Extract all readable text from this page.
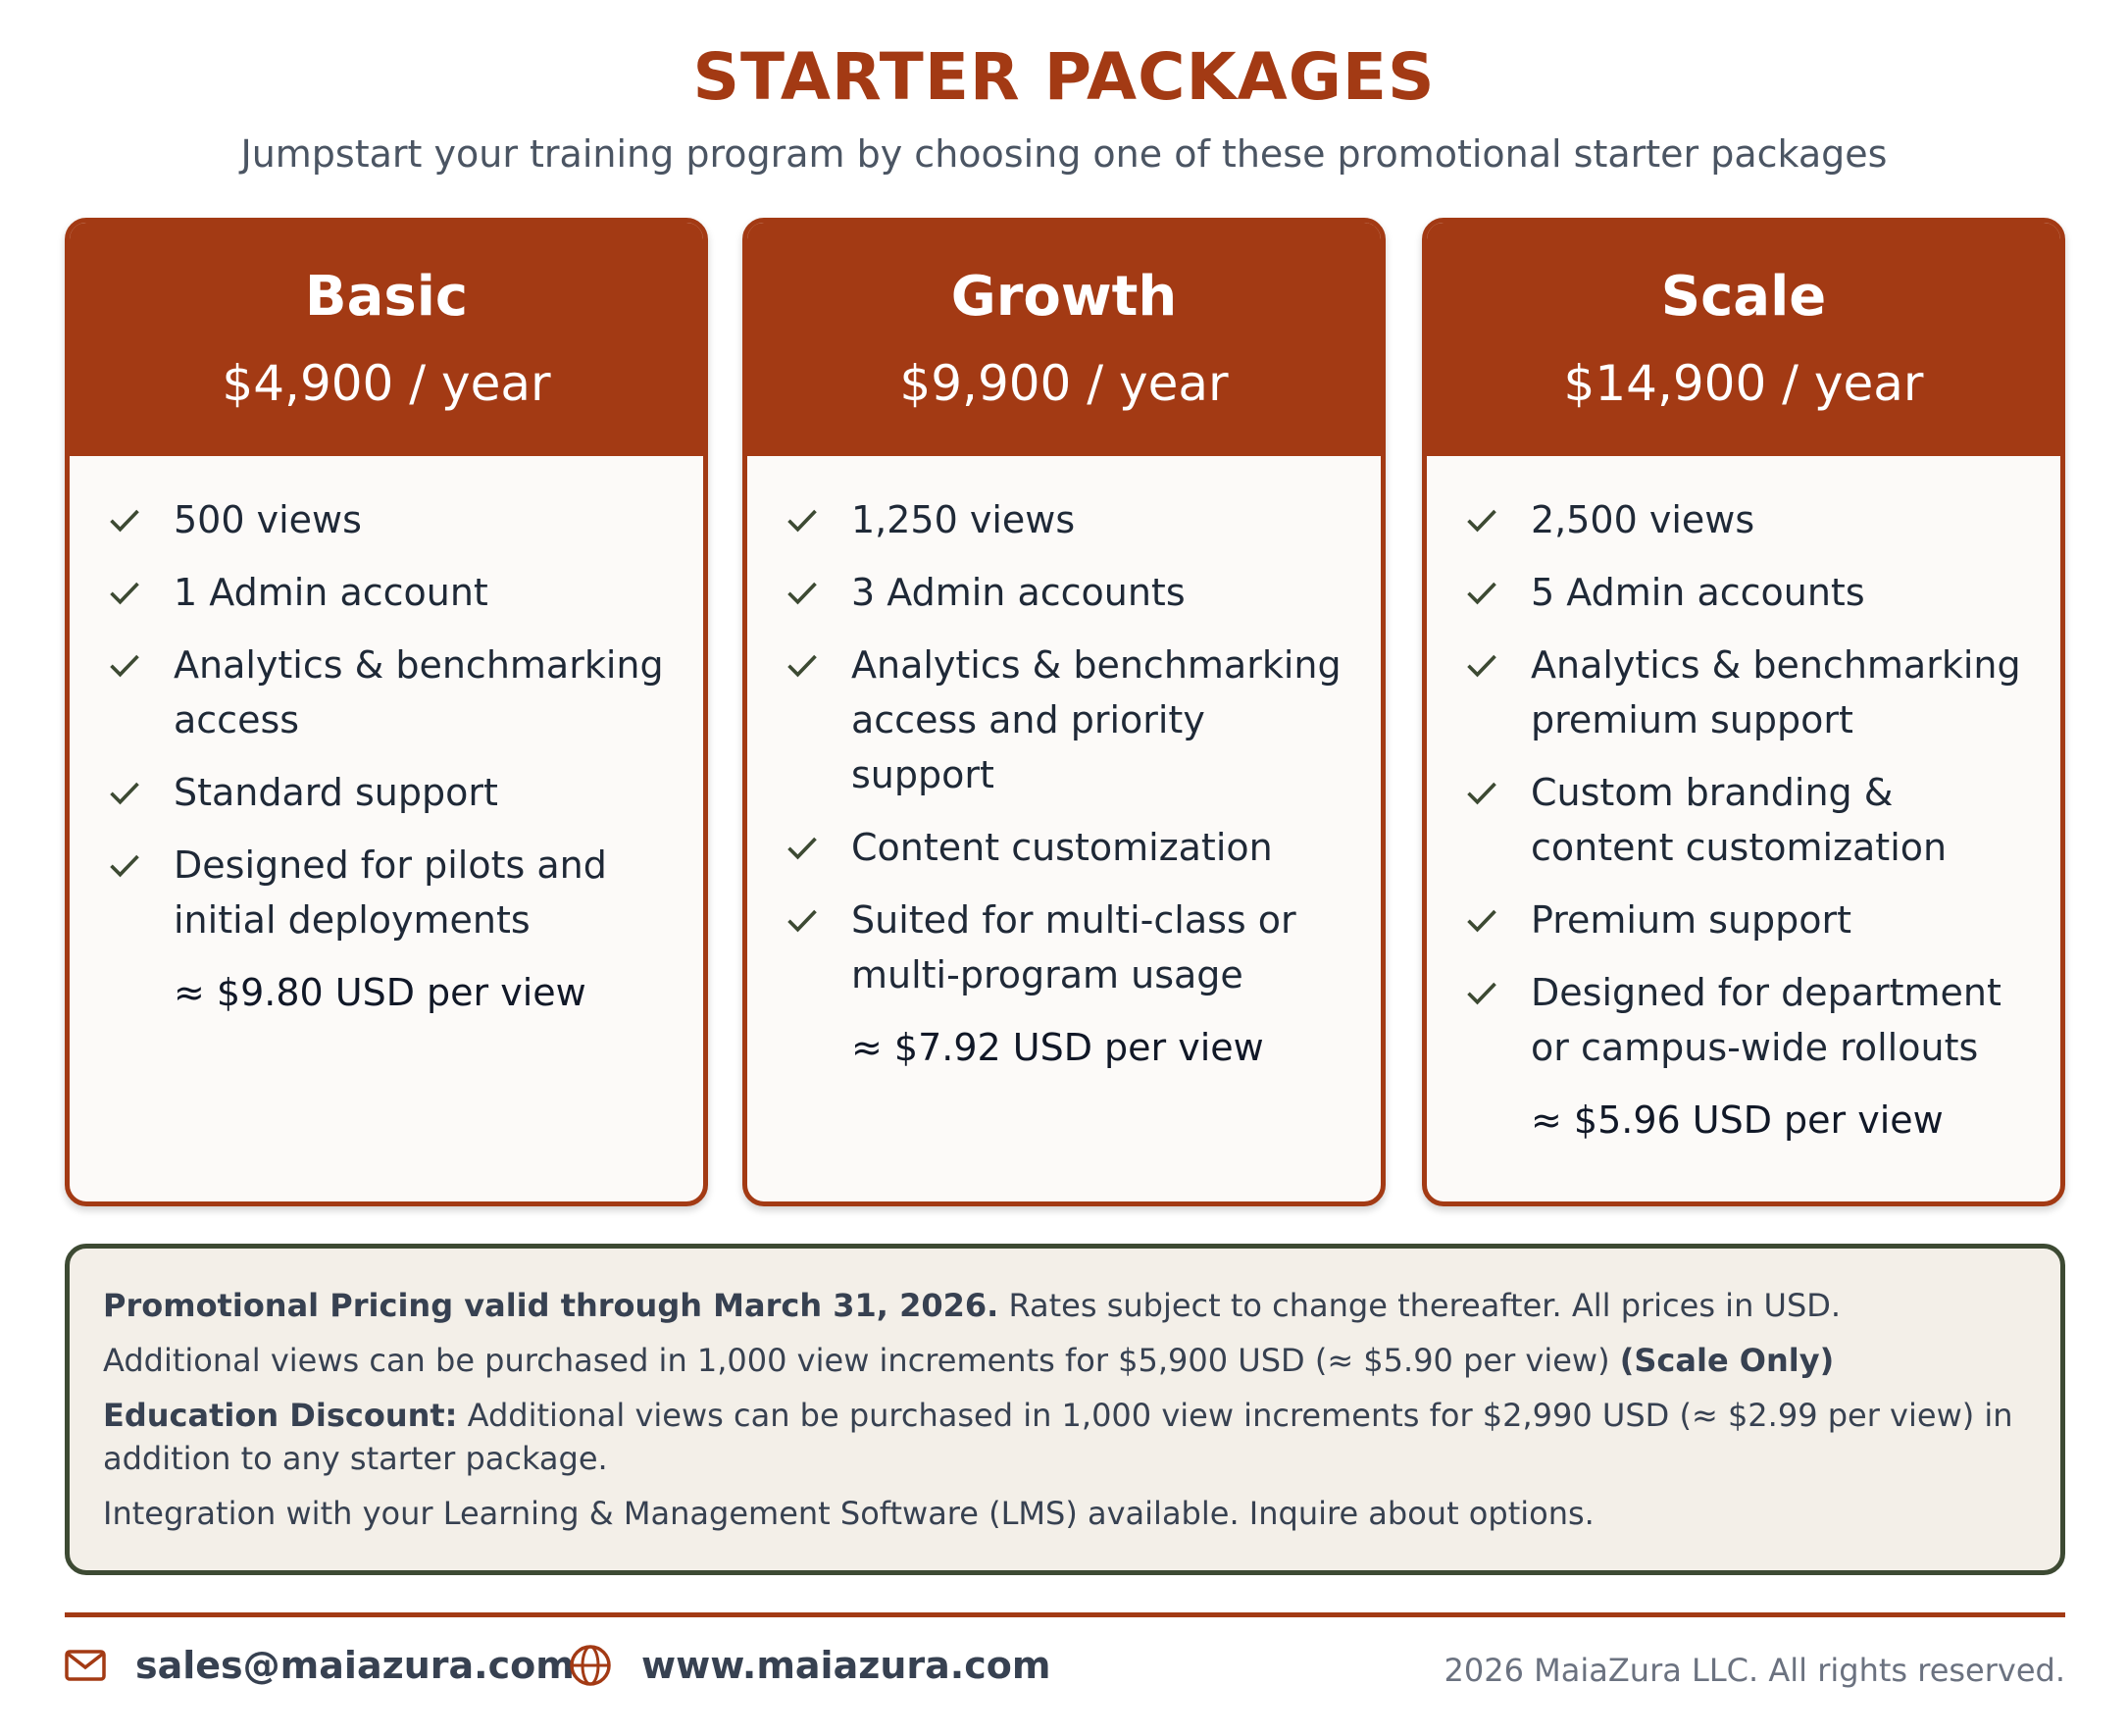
STARTER PACKAGES
Jumpstart your training program by choosing one of these promotional starter packages
Basic
$4,900 / year
500 views
1 Admin account
Analytics & benchmarking access
Standard support
Designed for pilots and initial deployments
≈ $9.80 USD per view
Growth
$9,900 / year
1,250 views
3 Admin accounts
Analytics & benchmarking access and priority support
Content customization
Suited for multi-class or multi-program usage
≈ $7.92 USD per view
Scale
$14,900 / year
2,500 views
5 Admin accounts
Analytics & benchmarking premium support
Custom branding & content customization
Premium support
Designed for department or campus-wide rollouts
≈ $5.96 USD per view

Promotional Pricing valid through March 31, 2026. Rates subject to change thereafter. All prices in USD.

Additional views can be purchased in 1,000 view increments for $5,900 USD (≈ $5.90 per view) (Scale Only)

Education Discount: Additional views can be purchased in 1,000 view increments for $2,990 USD (≈ $2.99 per view) in addition to any starter package.

Integration with your Learning & Management Software (LMS) available. Inquire about options.

sales@maiazura.com www.maiazura.com	2026 MaiaZura LLC. All rights reserved.
